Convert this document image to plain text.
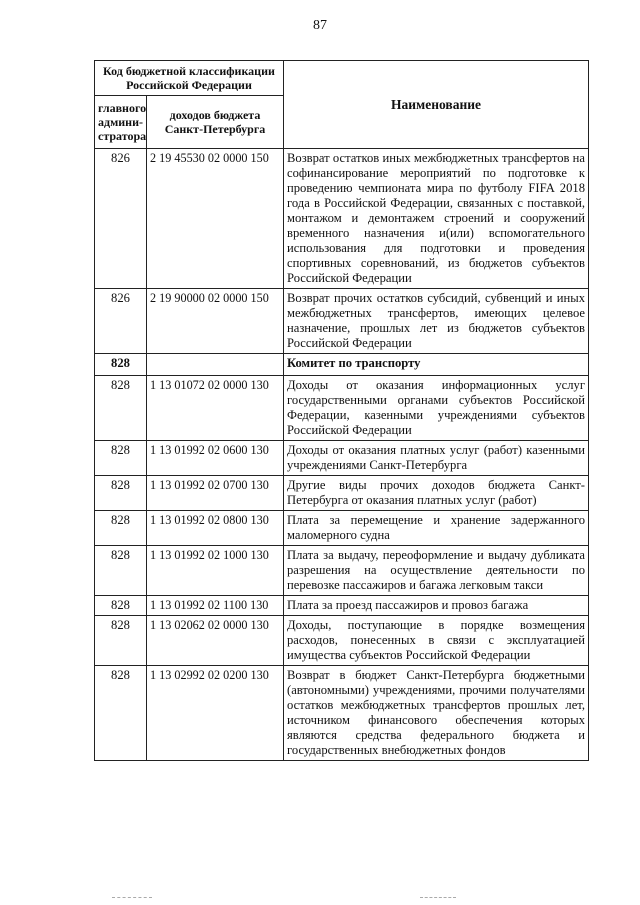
87
Код бюджетной классификации Российской Федерации		Наименование
главного админи-стратора	доходов бюджета Санкт-Петербурга	
826	2 19 45530 02 0000 150	Возврат остатков иных межбюджетных трансфертов на софинансирование мероприятий по подготовке к проведению чемпионата мира по футболу FIFA 2018 года в Российской Федерации, связанных с поставкой, монтажом и демонтажем строений и сооружений временного назначения и(или) вспомогательного использования для подготовки и проведения спортивных соревнований, из бюджетов субъектов Российской Федерации
826	2 19 90000 02 0000 150	Возврат прочих остатков субсидий, субвенций и иных межбюджетных трансфертов, имеющих целевое назначение, прошлых лет из бюджетов субъектов Российской Федерации
828		Комитет по транспорту
828	1 13 01072 02 0000 130	Доходы от оказания информационных услуг государственными органами субъектов Российской Федерации, казенными учреждениями субъектов Российской Федерации
828	1 13 01992 02 0600 130	Доходы от оказания платных услуг (работ) казенными учреждениями Санкт-Петербурга
828	1 13 01992 02 0700 130	Другие виды прочих доходов бюджета Санкт-Петербурга от оказания платных услуг (работ)
828	1 13 01992 02 0800 130	Плата за перемещение и хранение задержанного маломерного судна
828	1 13 01992 02 1000 130	Плата за выдачу, переоформление и выдачу дубликата разрешения на осуществление деятельности по перевозке пассажиров и багажа легковым такси
828	1 13 01992 02 1100 130	Плата за проезд пассажиров и провоз багажа
828	1 13 02062 02 0000 130	Доходы, поступающие в порядке возмещения расходов, понесенных в связи с эксплуатацией имущества субъектов Российской Федерации
828	1 13 02992 02 0200 130	Возврат в бюджет Санкт-Петербурга бюджетными (автономными) учреждениями, прочими получателями остатков межбюджетных трансфертов прошлых лет, источником финансового обеспечения которых являются средства федерального бюджета и государственных внебюджетных фондов
